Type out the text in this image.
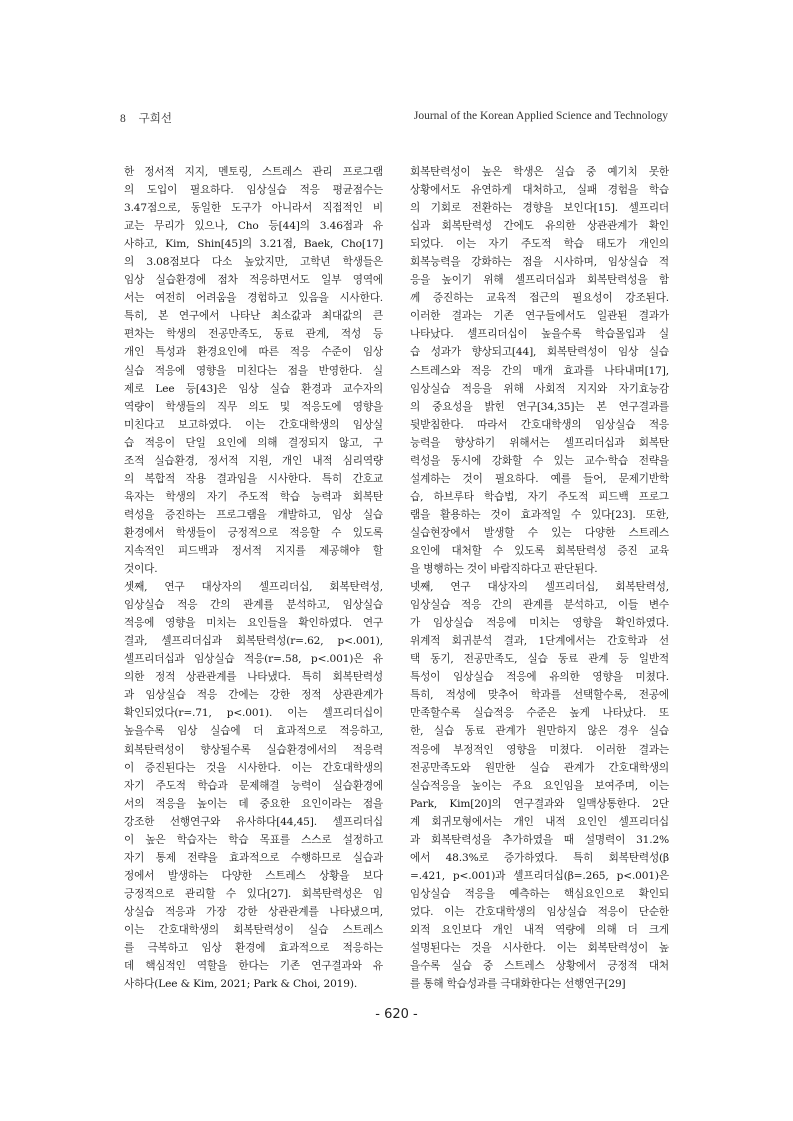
8 구희선	Journal of the Korean Applied Science and Technology
한 정서적 지지, 멘토링, 스트레스 관리 프로그램
의 도입이 필요하다. 임상실습 적응 평균점수는
3.47점으로, 동일한 도구가 아니라서 직접적인 비
교는 무리가 있으나, Cho 등[44]의 3.46점과 유
사하고, Kim, Shin[45]의 3.21점, Baek, Cho[17]
의 3.08점보다 다소 높았지만, 고학년 학생들은
임상 실습환경에 점차 적응하면서도 일부 영역에
서는 여전히 어려움을 경험하고 있음을 시사한다.
특히, 본 연구에서 나타난 최소값과 최대값의 큰
편차는 학생의 전공만족도, 동료 관계, 적성 등
개인 특성과 환경요인에 따른 적응 수준이 임상
실습 적응에 영향을 미친다는 점을 반영한다. 실
제로 Lee 등[43]은 임상 실습 환경과 교수자의
역량이 학생들의 직무 의도 및 적응도에 영향을
미친다고 보고하였다. 이는 간호대학생의 임상실
습 적응이 단일 요인에 의해 결정되지 않고, 구
조적 실습환경, 정서적 지원, 개인 내적 심리역량
의 복합적 작용 결과임을 시사한다. 특히 간호교
육자는 학생의 자기 주도적 학습 능력과 회복탄
력성을 증진하는 프로그램을 개발하고, 임상 실습
환경에서 학생들이 긍정적으로 적응할 수 있도록
지속적인 피드백과 정서적 지지를 제공해야 할
것이다.
셋째, 연구 대상자의 셀프리더십, 회복탄력성,
임상실습 적응 간의 관계를 분석하고, 임상실습
적응에 영향을 미치는 요인들을 확인하였다. 연구
결과, 셀프리더십과 회복탄력성(r=.62, p<.001),
셀프리더십과 임상실습 적응(r=.58, p<.001)은 유
의한 정적 상관관계를 나타냈다. 특히 회복탄력성
과 임상실습 적응 간에는 강한 정적 상관관계가
확인되었다(r=.71, p<.001). 이는 셀프리더십이
높을수록 임상 실습에 더 효과적으로 적응하고,
회복탄력성이 향상될수록 실습환경에서의 적응력
이 증진된다는 것을 시사한다. 이는 간호대학생의
자기 주도적 학습과 문제해결 능력이 실습환경에
서의 적응을 높이는 데 중요한 요인이라는 점을
강조한 선행연구와 유사하다[44,45]. 셀프리더십
이 높은 학습자는 학습 목표를 스스로 설정하고
자기 통제 전략을 효과적으로 수행하므로 실습과
정에서 발생하는 다양한 스트레스 상황을 보다
긍정적으로 관리할 수 있다[27]. 회복탄력성은 임
상실습 적응과 가장 강한 상관관계를 나타냈으며,
이는 간호대학생의 회복탄력성이 실습 스트레스
를 극복하고 임상 환경에 효과적으로 적응하는
데 핵심적인 역할을 한다는 기존 연구결과와 유
사하다(Lee & Kim, 2021; Park & Choi, 2019).
회복탄력성이 높은 학생은 실습 중 예기치 못한
상황에서도 유연하게 대처하고, 실패 경험을 학습
의 기회로 전환하는 경향을 보인다[15]. 셀프리더
십과 회복탄력성 간에도 유의한 상관관계가 확인
되었다. 이는 자기 주도적 학습 태도가 개인의
회복능력을 강화하는 점을 시사하며, 임상실습 적
응을 높이기 위해 셀프리더십과 회복탄력성을 함
께 증진하는 교육적 접근의 필요성이 강조된다.
이러한 결과는 기존 연구들에서도 일관된 결과가
나타났다. 셀프리더십이 높을수록 학습몰입과 실
습 성과가 향상되고[44], 회복탄력성이 임상 실습
스트레스와 적응 간의 매개 효과를 나타내며[17],
임상실습 적응을 위해 사회적 지지와 자기효능감
의 중요성을 밝힌 연구[34,35]는 본 연구결과를
뒷받침한다. 따라서 간호대학생의 임상실습 적응
능력을 향상하기 위해서는 셀프리더십과 회복탄
력성을 동시에 강화할 수 있는 교수·학습 전략을
설계하는 것이 필요하다. 예를 들어, 문제기반학
습, 하브루타 학습법, 자기 주도적 피드백 프로그
램을 활용하는 것이 효과적일 수 있다[23]. 또한,
실습현장에서 발생할 수 있는 다양한 스트레스
요인에 대처할 수 있도록 회복탄력성 증진 교육
을 병행하는 것이 바람직하다고 판단된다.
넷째, 연구 대상자의 셀프리더십, 회복탄력성,
임상실습 적응 간의 관계를 분석하고, 이들 변수
가 임상실습 적응에 미치는 영향을 확인하였다.
위계적 회귀분석 결과, 1단계에서는 간호학과 선
택 동기, 전공만족도, 실습 동료 관계 등 일반적
특성이 임상실습 적응에 유의한 영향을 미쳤다.
특히, 적성에 맞추어 학과를 선택할수록, 전공에
만족할수록 실습적응 수준은 높게 나타났다. 또
한, 실습 동료 관계가 원만하지 않은 경우 실습
적응에 부정적인 영향을 미쳤다. 이러한 결과는
전공만족도와 원만한 실습 관계가 간호대학생의
실습적응을 높이는 주요 요인임을 보여주며, 이는
Park, Kim[20]의 연구결과와 일맥상통한다. 2단
계 회귀모형에서는 개인 내적 요인인 셀프리더십
과 회복탄력성을 추가하였을 때 설명력이 31.2%
에서 48.3%로 증가하였다. 특히 회복탄력성(β
=.421, p<.001)과 셀프리더십(β=.265, p<.001)은
임상실습 적응을 예측하는 핵심요인으로 확인되
었다. 이는 간호대학생의 임상실습 적응이 단순한
외적 요인보다 개인 내적 역량에 의해 더 크게
설명된다는 것을 시사한다. 이는 회복탄력성이 높
을수록 실습 중 스트레스 상황에서 긍정적 대처
를 통해 학습성과를 극대화한다는 선행연구[29]
- 620 -
